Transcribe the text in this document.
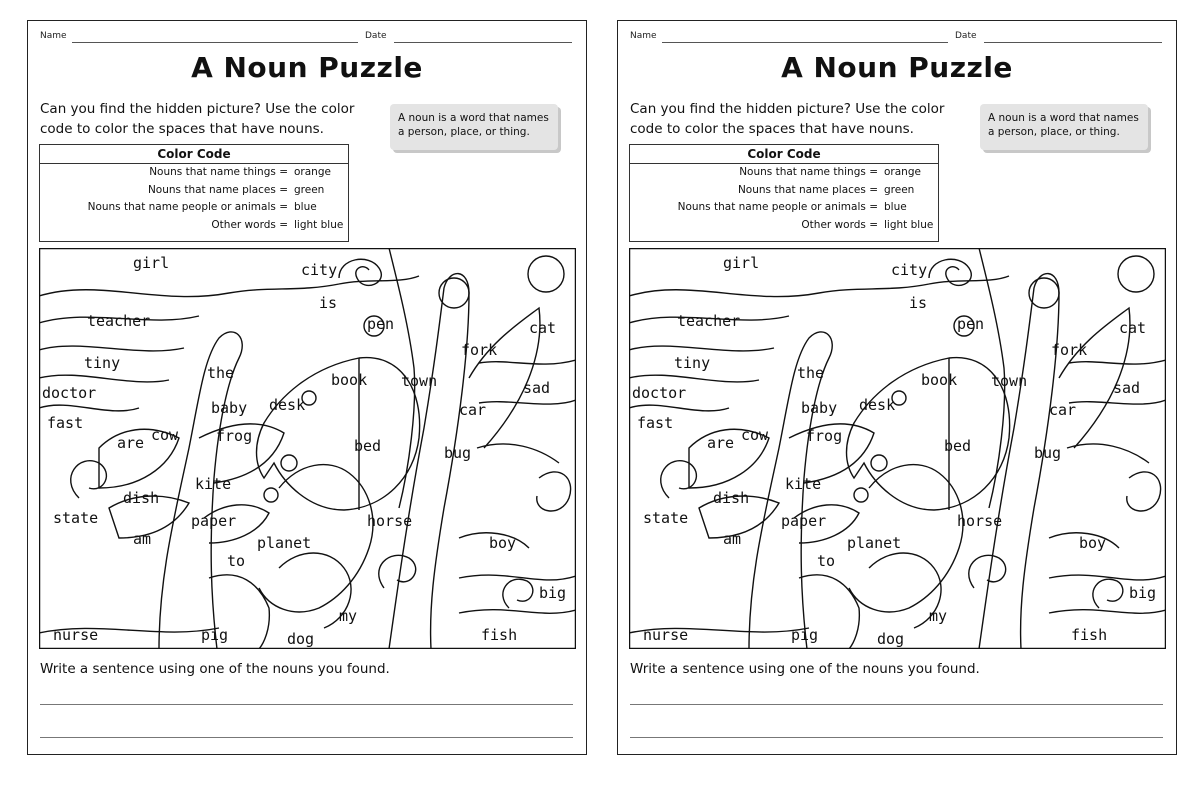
Name	Date
A Noun Puzzle
Can you find the hidden picture? Use the color code to color the spaces that have nouns.
A noun is a word that names a person, place, or thing.
Color Code
Nouns that name things = orange
Nouns that name places = green
Nouns that name people or animals = blue
Other words = light blue
girl	city
is
pen	cat
teacher
fork
tiny
the	book town	sad
doctor
baby desk	car
fast
are cow	frog
bed	bug
dish
kite
state	paper	horse
am	planet	boy
to
big
my
nurse	pig	dog	fish
Write a sentence using one of the nouns you found.
Name	Date
A Noun Puzzle
Can you find the hidden picture? Use the color code to color the spaces that have nouns.
A noun is a word that names a person, place, or thing.
Color Code
Nouns that name things = orange
Nouns that name places = green
Nouns that name people or animals = blue
Other words = light blue
girl	city
is
pen	cat
teacher
fork
tiny
the	book town	sad
doctor
baby desk	car
fast
are cow	frog
bed	bug
dish
kite
state	paper	horse
am	planet	boy
to
big
my
nurse	pig	dog	fish
Write a sentence using one of the nouns you found.
